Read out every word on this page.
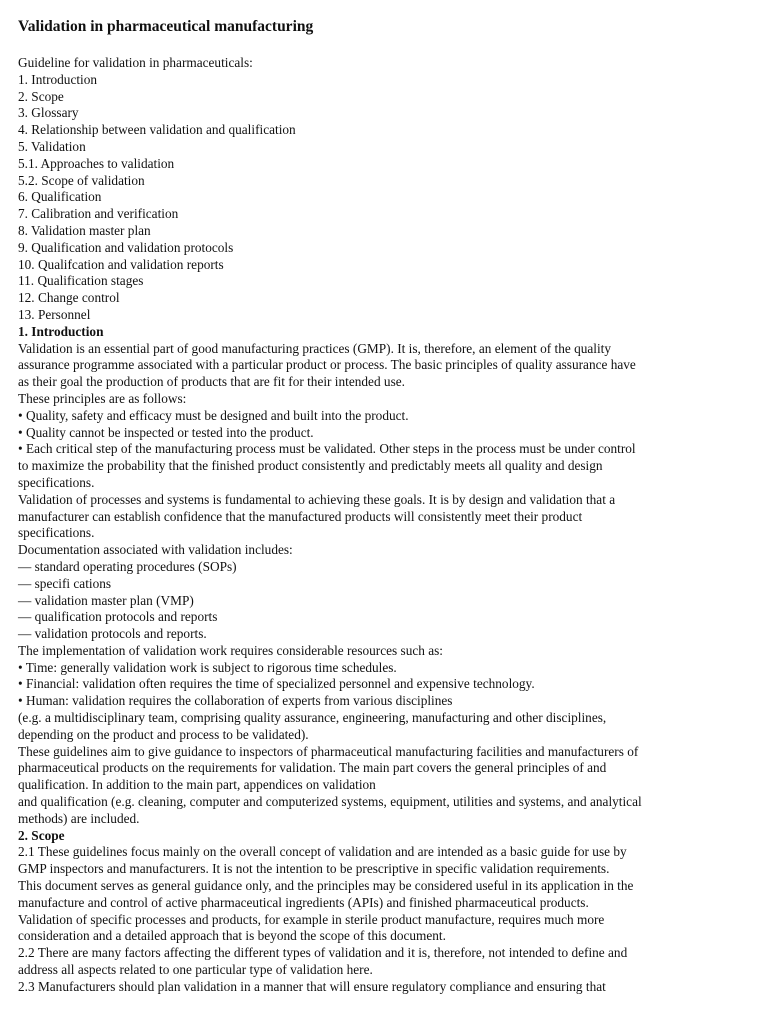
Validation in pharmaceutical manufacturing
Guideline for validation in pharmaceuticals:
1. Introduction
2. Scope
3. Glossary
4. Relationship between validation and qualification
5. Validation
5.1. Approaches to validation
5.2. Scope of validation
6. Qualification
7. Calibration and verification
8. Validation master plan
9. Qualification and validation protocols
10. Qualifcation and validation reports
11. Qualification stages
12. Change control
13. Personnel
1. Introduction
Validation is an essential part of good manufacturing practices (GMP). It is, therefore, an element of the quality
assurance programme associated with a particular product or process. The basic principles of quality assurance have
as their goal the production of products that are fit for their intended use.
These principles are as follows:
• Quality, safety and efficacy must be designed and built into the product.
• Quality cannot be inspected or tested into the product.
• Each critical step of the manufacturing process must be validated. Other steps in the process must be under control
to maximize the probability that the finished product consistently and predictably meets all quality and design
specifications.
Validation of processes and systems is fundamental to achieving these goals. It is by design and validation that a
manufacturer can establish confidence that the manufactured products will consistently meet their product
specifications.
Documentation associated with validation includes:
— standard operating procedures (SOPs)
— specifi cations
— validation master plan (VMP)
— qualification protocols and reports
— validation protocols and reports.
The implementation of validation work requires considerable resources such as:
• Time: generally validation work is subject to rigorous time schedules.
• Financial: validation often requires the time of specialized personnel and expensive technology.
• Human: validation requires the collaboration of experts from various disciplines
(e.g. a multidisciplinary team, comprising quality assurance, engineering, manufacturing and other disciplines,
depending on the product and process to be validated).
These guidelines aim to give guidance to inspectors of pharmaceutical manufacturing facilities and manufacturers of
pharmaceutical products on the requirements for validation. The main part covers the general principles of and
qualification. In addition to the main part, appendices on validation
and qualification (e.g. cleaning, computer and computerized systems, equipment, utilities and systems, and analytical
methods) are included.
2. Scope
2.1 These guidelines focus mainly on the overall concept of validation and are intended as a basic guide for use by
GMP inspectors and manufacturers. It is not the intention to be prescriptive in specific validation requirements.
This document serves as general guidance only, and the principles may be considered useful in its application in the
manufacture and control of active pharmaceutical ingredients (APIs) and finished pharmaceutical products.
Validation of specific processes and products, for example in sterile product manufacture, requires much more
consideration and a detailed approach that is beyond the scope of this document.
2.2 There are many factors affecting the different types of validation and it is, therefore, not intended to define and
address all aspects related to one particular type of validation here.
2.3 Manufacturers should plan validation in a manner that will ensure regulatory compliance and ensuring that
